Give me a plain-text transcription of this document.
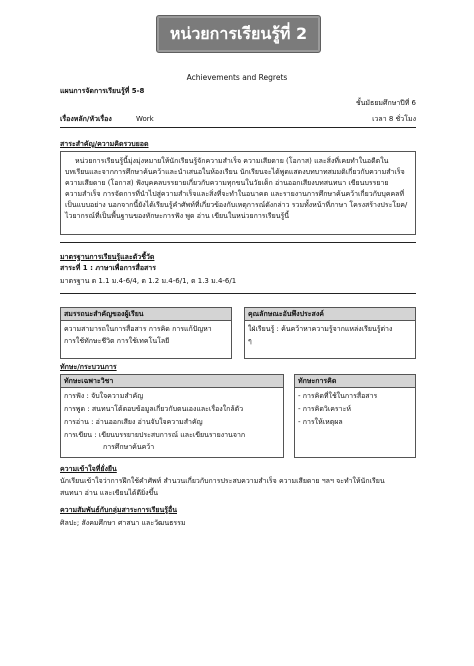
หน่วยการเรียนรู้ที่ 2
Achievements and Regrets
แผนการจัดการเรียนรู้ที่ 5-8
ชั้นมัธยมศึกษาปีที่ 6
เรื่องหลัก/หัวเรื่อง	Work	เวลา 8 ชั่วโมง
สาระสำคัญ/ความคิดรวบยอด
หน่วยการเรียนรู้นี้มุ่งมุ่งหมายให้นักเรียนรู้จักความสำเร็จ ความเสียดาย (โอกาส) และสิ่งที่เคยทำในอดีตใน
บทเรียนและจากการศึกษาค้นคว้าและนำเสนอในห้องเรียน นักเรียนจะได้พูดแสดงบทบาทสมมติเกี่ยวกับความสำเร็จ
ความเสียดาย (โอกาส) ฟังบุคคลบรรยายเกี่ยวกับความทุกขนในวัยเด็ก อ่านออกเสียงบทสนทนา เขียนบรรยาย
ความสำเร็จ การจัดการที่นำไปสู่ความสำเร็จและสิ่งที่จะทำในอนาคต และรายงานการศึกษาค้นคว้าเกี่ยวกับบุคคลที่
เป็นแบบอย่าง นอกจากนี้ยังได้เรียนรู้คำศัพท์ที่เกี่ยวข้องกับเหตุการณ์ดังกล่าว รวมทั้งหน้าที่ภาษา โครงสร้างประโยค/
ไวยากรณ์ที่เป็นพื้นฐานของทักษะการฟัง พูด อ่าน เขียนในหน่วยการเรียนรู้นี้
มาตรฐานการเรียนรู้และตัวชี้วัด
สาระที่ 1 : ภาษาเพื่อการสื่อสาร
มาตรฐาน ต 1.1 ม.4-6/4, ต 1.2 ม.4-6/1, ต 1.3 ม.4-6/1
สมรรถนะสำคัญของผู้เรียน
ความสามารถในการสื่อสาร การคิด การแก้ปัญหา
การใช้ทักษะชีวิต การใช้เทคโนโลยี
คุณลักษณะอันพึงประสงค์
ใฝ่เรียนรู้ : ค้นคว้าหาความรู้จากแหล่งเรียนรู้ต่าง
ๆ
ทักษะ/กระบวนการ
ทักษะเฉพาะวิชา
การฟัง : จับใจความสำคัญ
การพูด : สนทนาโต้ตอบข้อมูลเกี่ยวกับตนเองและเรื่องใกล้ตัว
การอ่าน : อ่านออกเสียง อ่านจับใจความสำคัญ
การเขียน : เขียนบรรยายประสบการณ์ และเขียนรายงานจาก
การศึกษาค้นคว้า
ทักษะการคิด
- การคิดที่ใช้ในการสื่อสาร
- การคิดวิเคราะห์
- การให้เหตุผล
ความเข้าใจที่ยั่งยืน
นักเรียนเข้าใจว่าการฝึกใช้คำศัพท์ สำนวนเกี่ยวกับการประสบความสำเร็จ ความเสียดาย ฯลฯ จะทำให้นักเรียน
สนทนา อ่าน และเขียนได้ดียิ่งขึ้น
ความสัมพันธ์กับกลุ่มสาระการเรียนรู้อื่น
ศิลปะ; สังคมศึกษา ศาสนา และวัฒนธรรม
